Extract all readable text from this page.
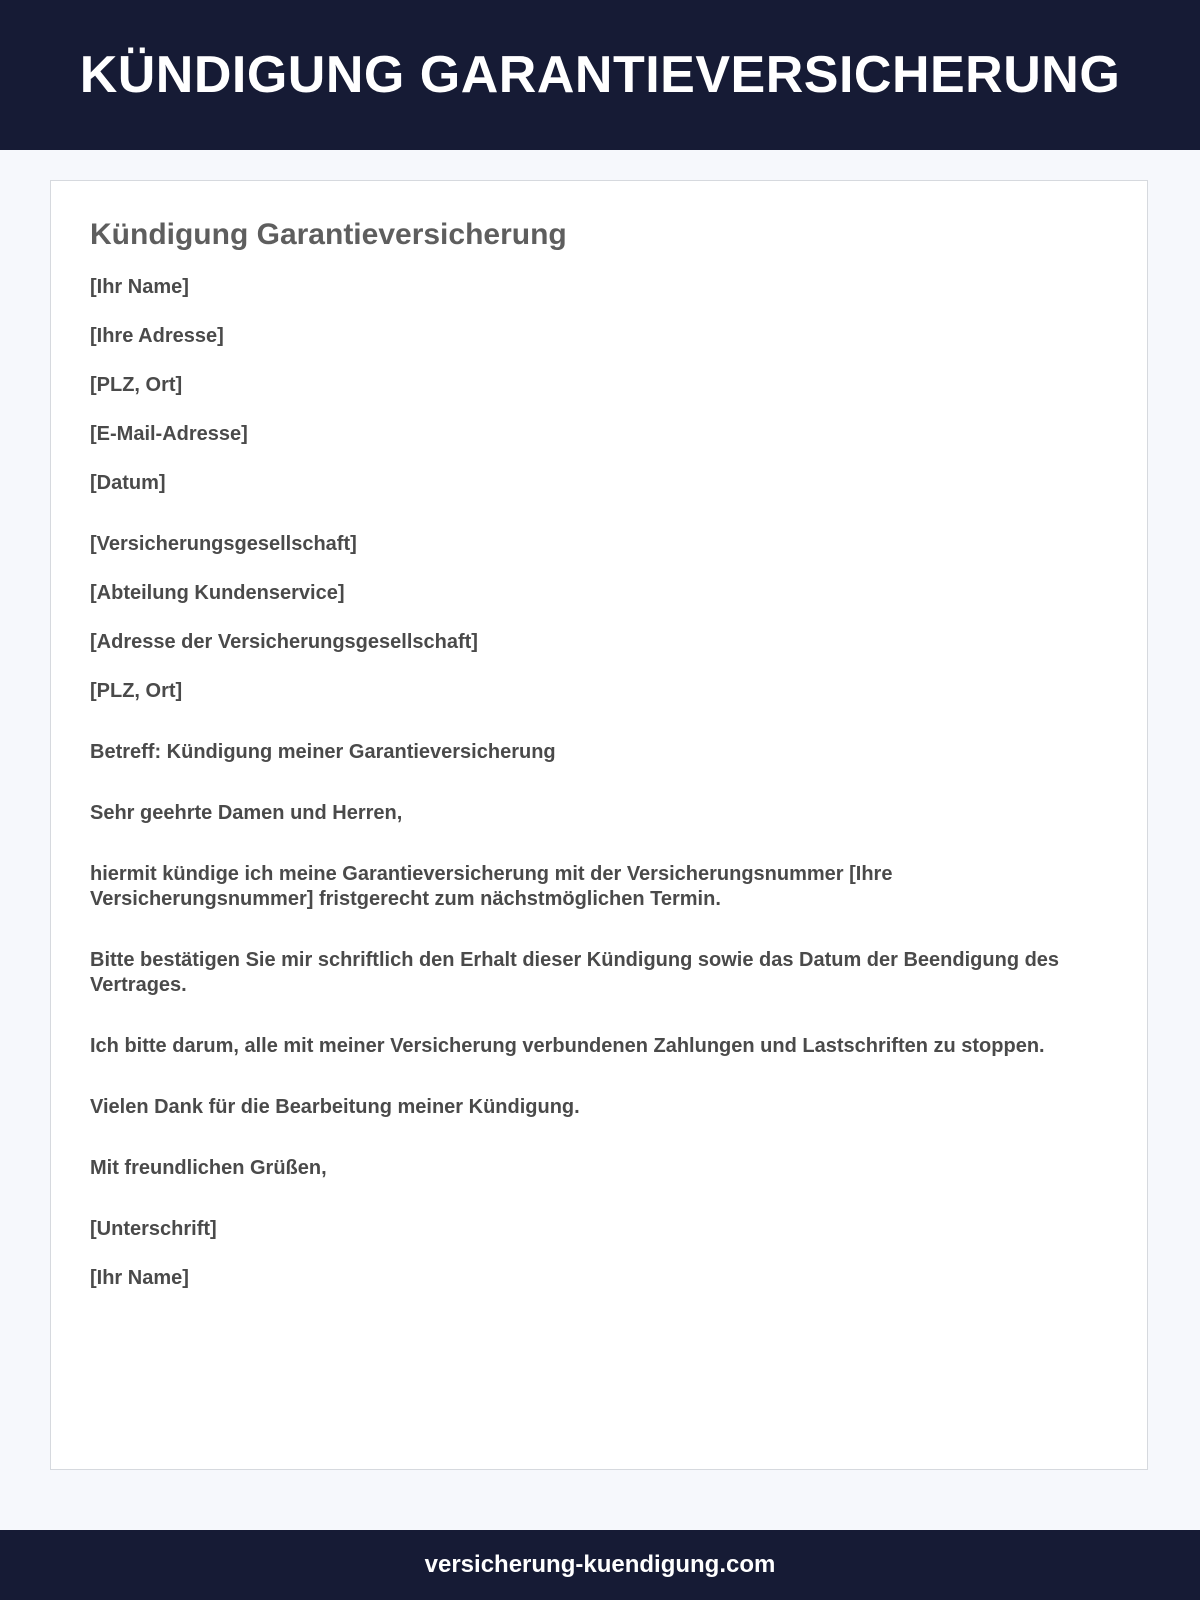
KÜNDIGUNG GARANTIEVERSICHERUNG
Kündigung Garantieversicherung

[Ihr Name]

[Ihre Adresse]

[PLZ, Ort]

[E-Mail-Adresse]

[Datum]

[Versicherungsgesellschaft]

[Abteilung Kundenservice]

[Adresse der Versicherungsgesellschaft]

[PLZ, Ort]

Betreff: Kündigung meiner Garantieversicherung

Sehr geehrte Damen und Herren,

hiermit kündige ich meine Garantieversicherung mit der Versicherungsnummer [Ihre Versicherungsnummer] fristgerecht zum nächstmöglichen Termin.

Bitte bestätigen Sie mir schriftlich den Erhalt dieser Kündigung sowie das Datum der Beendigung des Vertrages.

Ich bitte darum, alle mit meiner Versicherung verbundenen Zahlungen und Lastschriften zu stoppen.

Vielen Dank für die Bearbeitung meiner Kündigung.

Mit freundlichen Grüßen,

[Unterschrift]

[Ihr Name]

versicherung-kuendigung.com
